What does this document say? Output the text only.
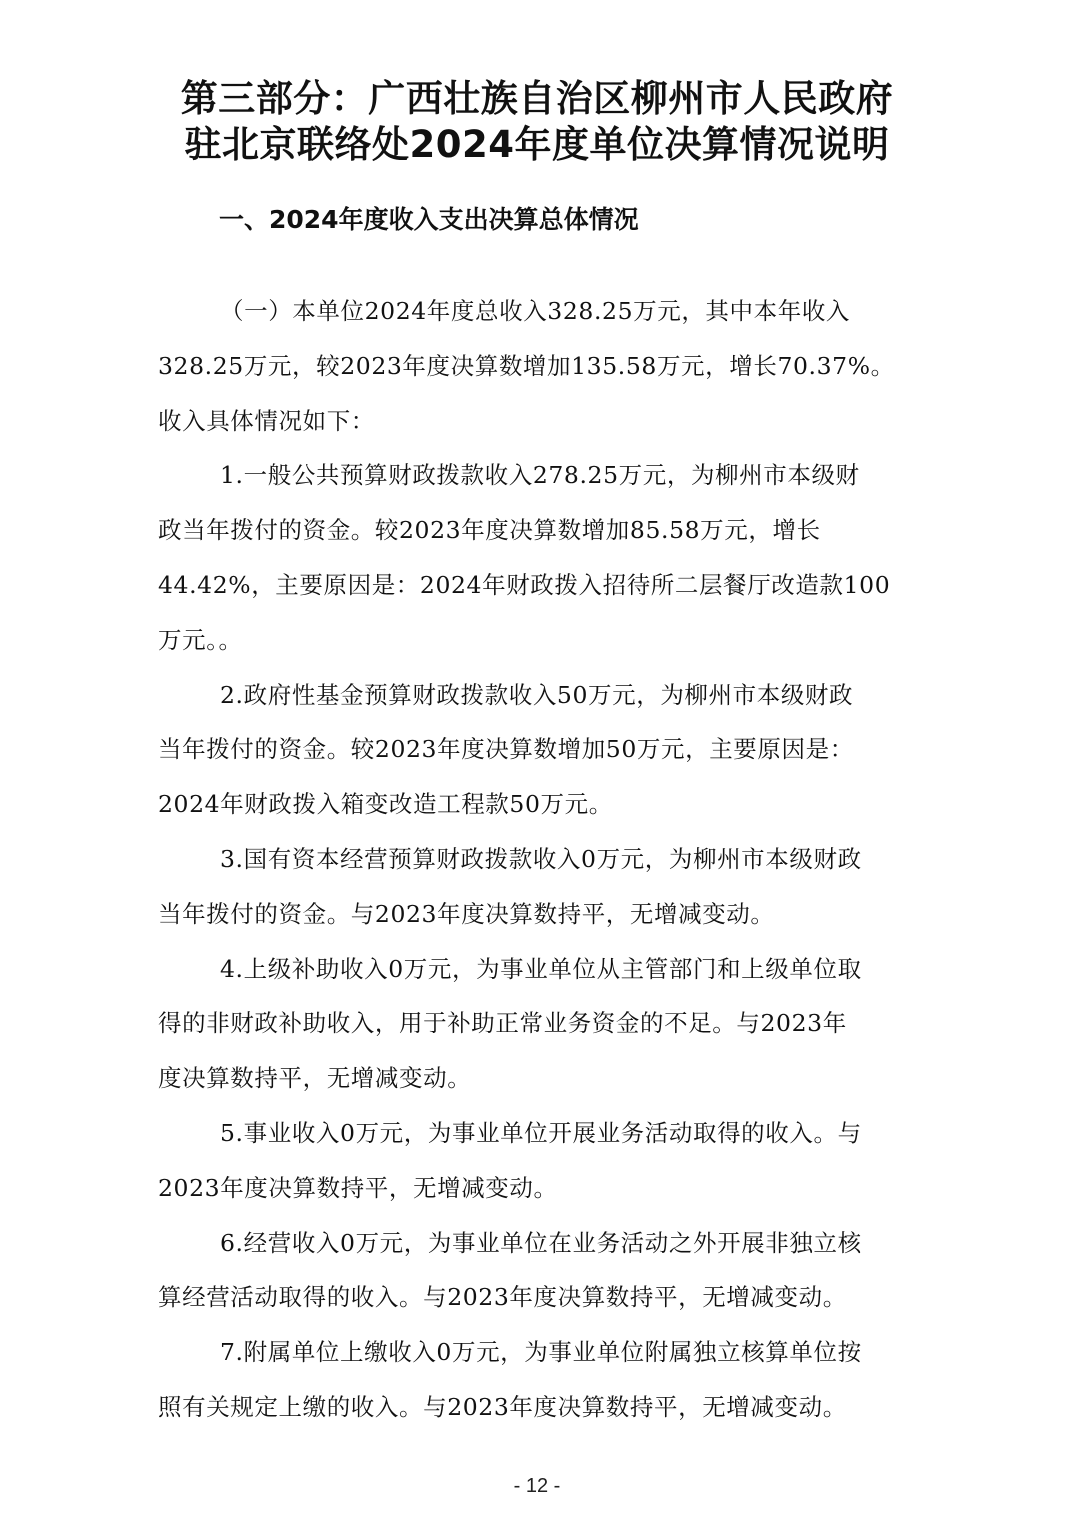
第三部分：广西壮族自治区柳州市人民政府
驻北京联络处2024年度单位决算情况说明
一、2024年度收入支出决算总体情况
（一）本单位2024年度总收入328.25万元，其中本年收入
328.25万元，较2023年度决算数增加135.58万元，增长70.37%。
收入具体情况如下：
1.一般公共预算财政拨款收入278.25万元，为柳州市本级财
政当年拨付的资金。较2023年度决算数增加85.58万元，增长
44.42%，主要原因是：2024年财政拨入招待所二层餐厅改造款100
万元。。
2.政府性基金预算财政拨款收入50万元，为柳州市本级财政
当年拨付的资金。较2023年度决算数增加50万元，主要原因是：
2024年财政拨入箱变改造工程款50万元。
3.国有资本经营预算财政拨款收入0万元，为柳州市本级财政
当年拨付的资金。与2023年度决算数持平，无增减变动。
4.上级补助收入0万元，为事业单位从主管部门和上级单位取
得的非财政补助收入，用于补助正常业务资金的不足。与2023年
度决算数持平，无增减变动。
5.事业收入0万元，为事业单位开展业务活动取得的收入。与
2023年度决算数持平，无增减变动。
6.经营收入0万元，为事业单位在业务活动之外开展非独立核
算经营活动取得的收入。与2023年度决算数持平，无增减变动。
7.附属单位上缴收入0万元，为事业单位附属独立核算单位按
照有关规定上缴的收入。与2023年度决算数持平，无增减变动。
- 12 -
